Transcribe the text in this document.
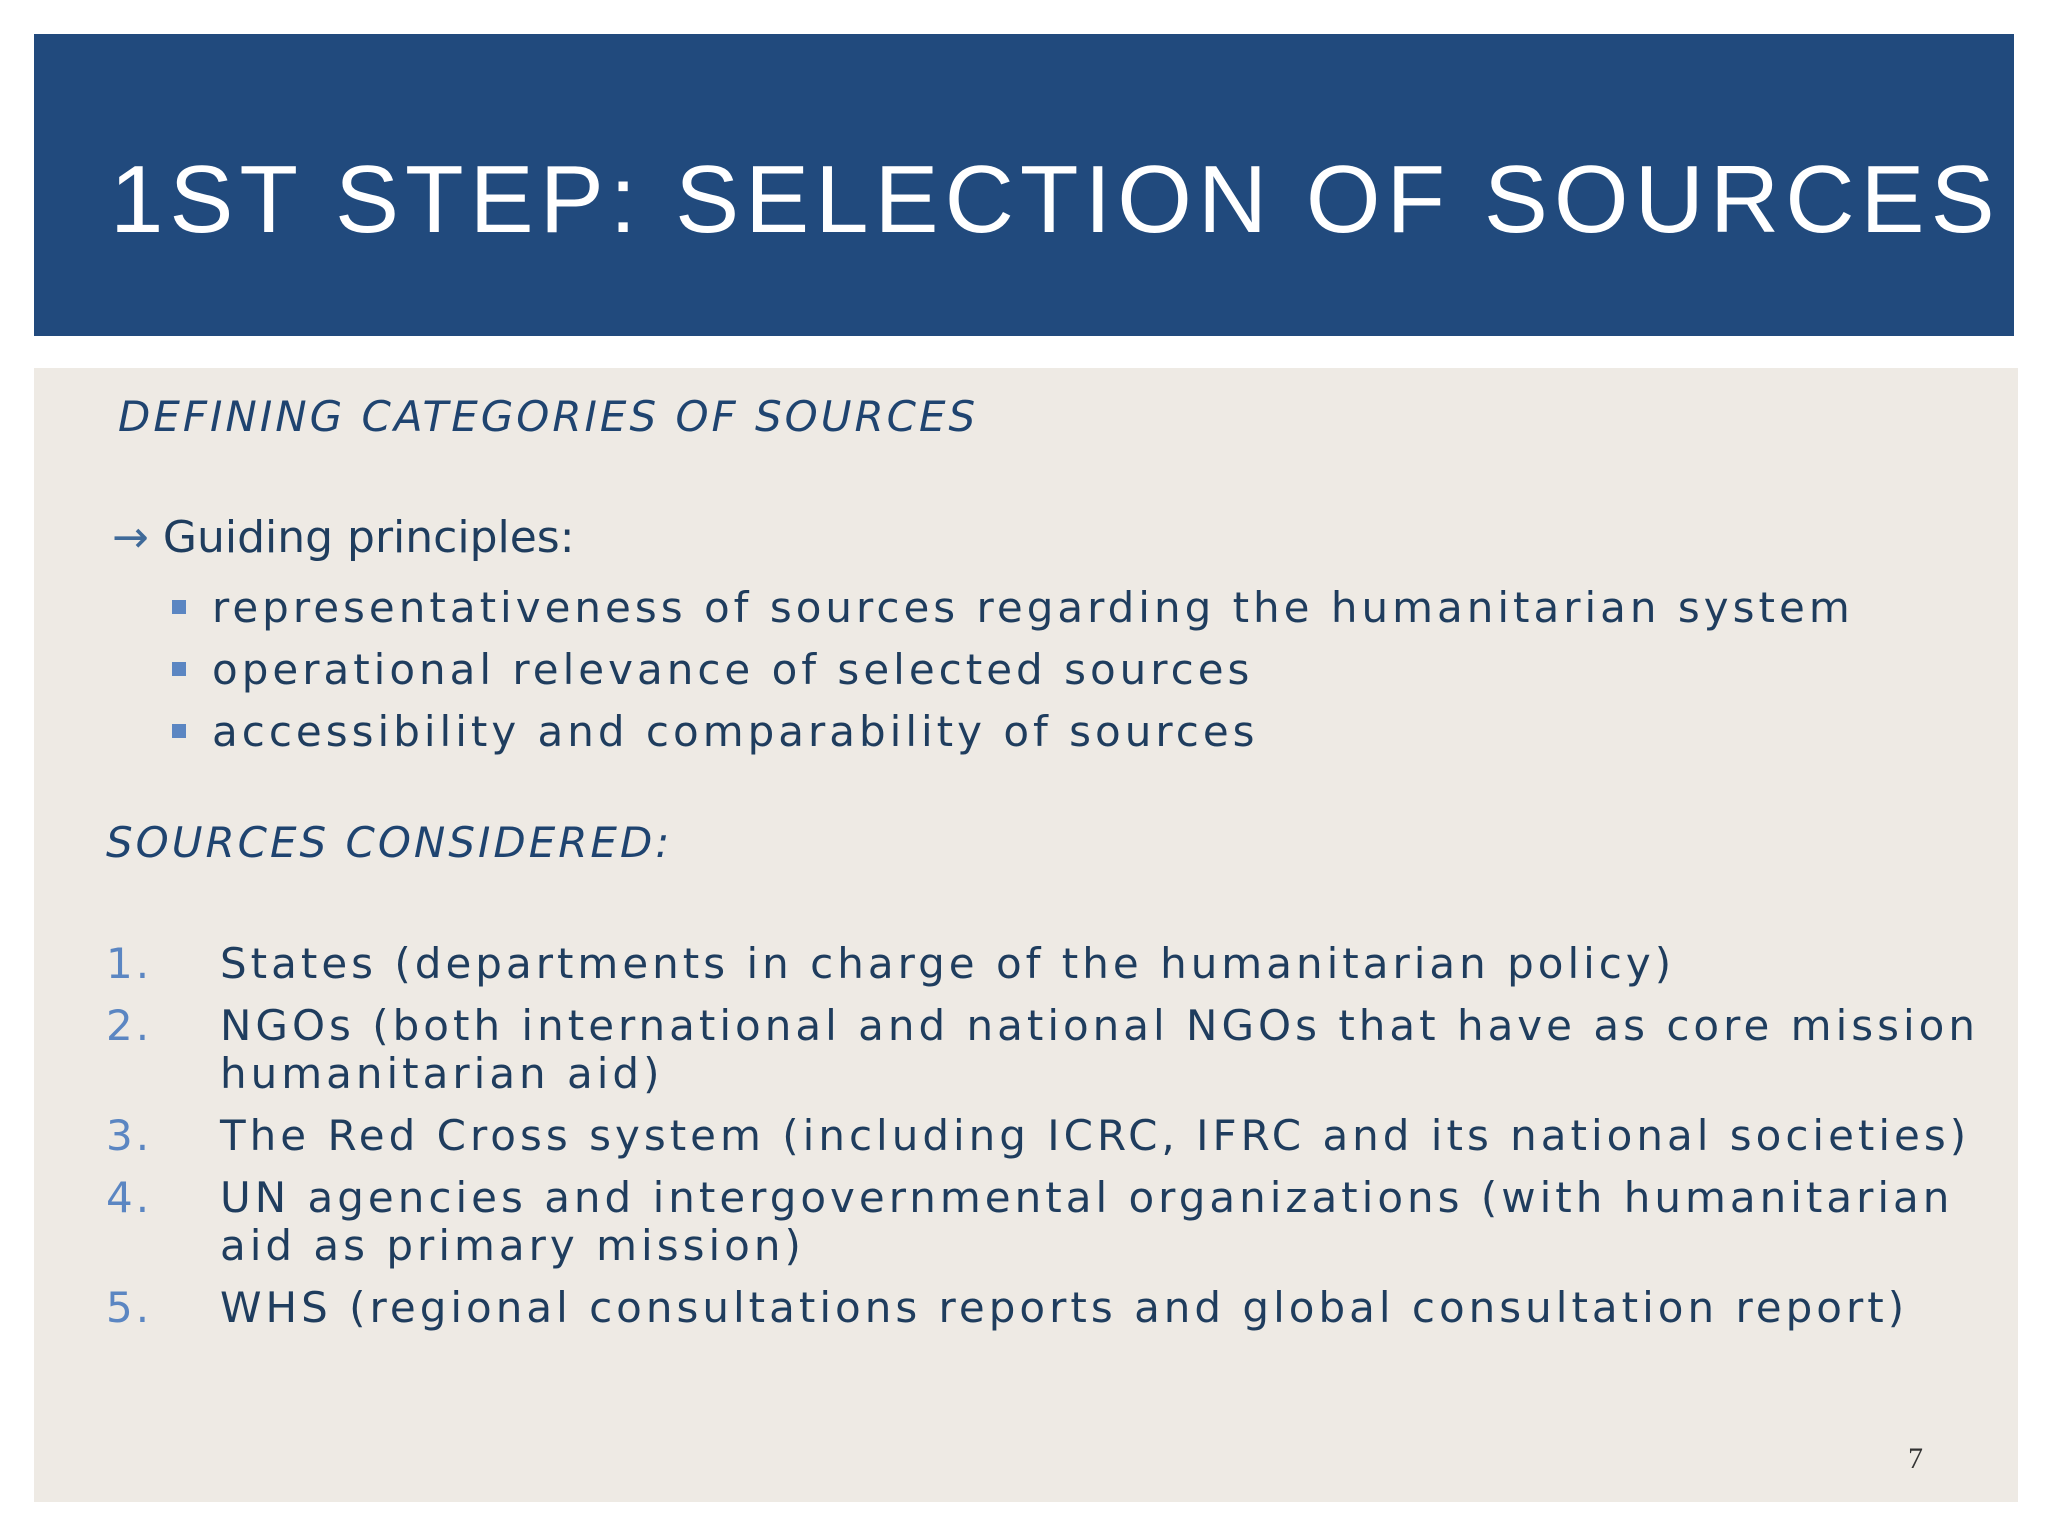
1ST STEP: SELECTION OF SOURCES

DEFINING CATEGORIES OF SOURCES

→ Guiding principles:

representativeness of sources regarding the humanitarian system
operational relevance of selected sources
accessibility and comparability of sources

SOURCES CONSIDERED:

1.	States (departments in charge of the humanitarian policy)
2.	NGOs (both international and national NGOs that have as core mission humanitarian aid)
3.	The Red Cross system (including ICRC, IFRC and its national societies)
4.	UN agencies and intergovernmental organizations (with humanitarian aid as primary mission)
5.	WHS (regional consultations reports and global consultation report)
7
